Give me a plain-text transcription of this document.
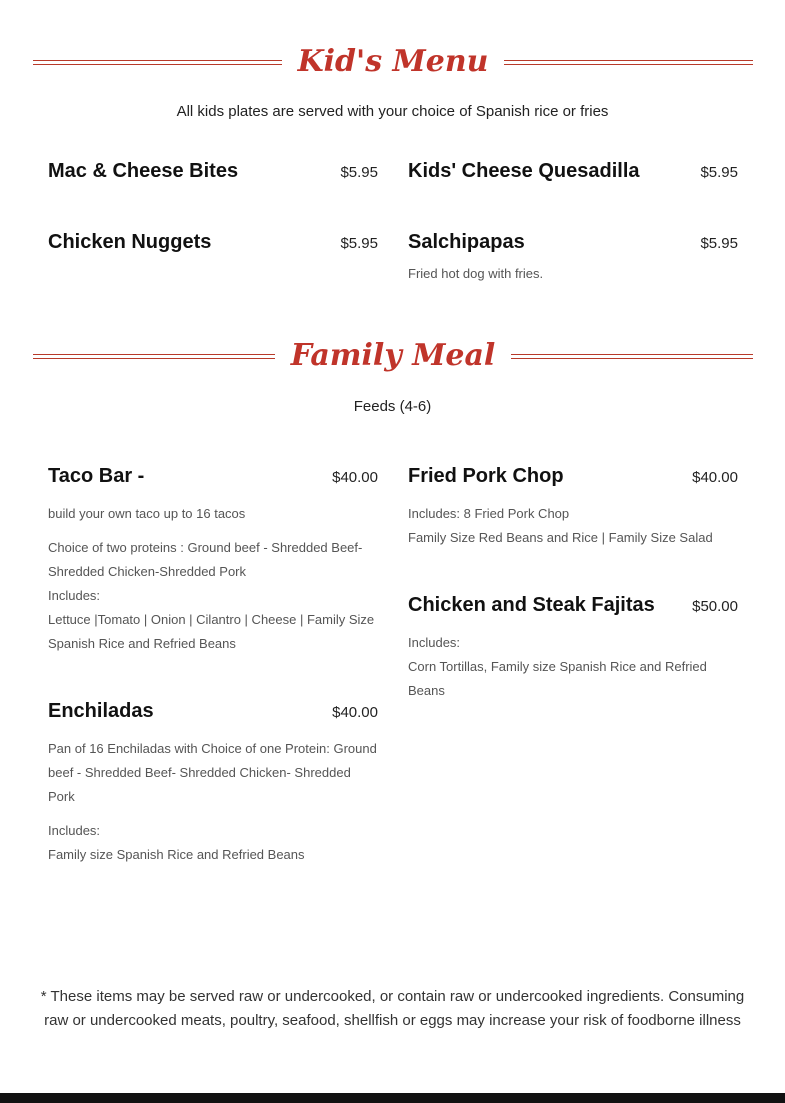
Kid's Menu
All kids plates are served with your choice of Spanish rice or fries
Mac & Cheese Bites	$5.95 Kids' Cheese Quesadilla	$5.95
Chicken Nuggets	$5.95 Salchipapas	$5.95

Fried hot dog with fries.

Family Meal
Feeds (4-6)
Taco Bar -	$40.00

build your own taco up to 16 tacos

Choice of two proteins : Ground beef - Shredded Beef- Shredded Chicken-Shredded Pork

Includes:

Lettuce |Tomato | Onion | Cilantro | Cheese | Family Size Spanish Rice and Refried Beans

Fried Pork Chop	$40.00

Includes: 8 Fried Pork Chop

Family Size Red Beans and Rice | Family Size Salad

Chicken and Steak Fajitas $50.00

Includes:

Corn Tortillas, Family size Spanish Rice and Refried Beans

Enchiladas	$40.00

Pan of 16 Enchiladas with Choice of one Protein: Ground beef - Shredded Beef- Shredded Chicken- Shredded Pork

Includes:

Family size Spanish Rice and Refried Beans

* These items may be served raw or undercooked, or contain raw or undercooked ingredients. Consuming raw or undercooked meats, poultry, seafood, shellfish or eggs may increase your risk of foodborne illness
